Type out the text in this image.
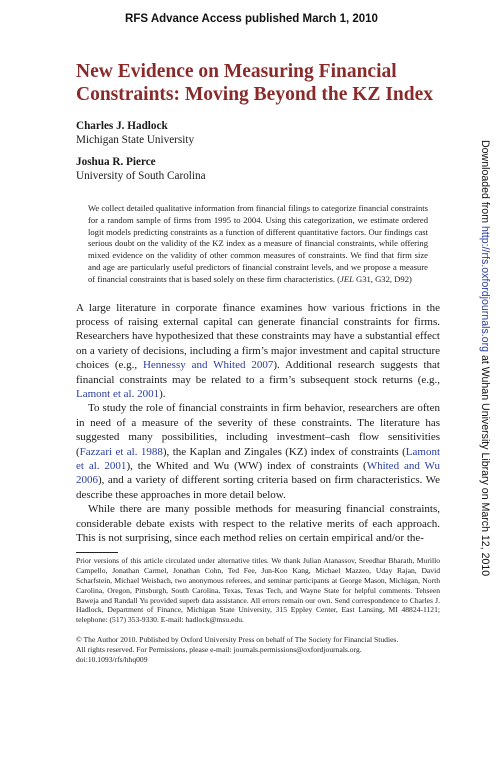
RFS Advance Access published March 1, 2010
Downloaded from http://rfs.oxfordjournals.org at Wuhan University Library on March 12, 2010
New Evidence on Measuring Financial Constraints: Moving Beyond the KZ Index
Charles J. Hadlock
Michigan State University
Joshua R. Pierce
University of South Carolina
We collect detailed qualitative information from financial filings to categorize financial constraints for a random sample of firms from 1995 to 2004. Using this categorization, we estimate ordered logit models predicting constraints as a function of different quantitative factors. Our findings cast serious doubt on the validity of the KZ index as a measure of financial constraints, while offering mixed evidence on the validity of other common measures of constraints. We find that firm size and age are particularly useful predictors of financial constraint levels, and we propose a measure of financial constraints that is based solely on these firm characteristics. (JEL G31, G32, D92)

A large literature in corporate finance examines how various frictions in the process of raising external capital can generate financial constraints for firms. Researchers have hypothesized that these constraints may have a substantial effect on a variety of decisions, including a firm’s major investment and capital structure choices (e.g., Hennessy and Whited 2007). Additional research suggests that financial constraints may be related to a firm’s subsequent stock returns (e.g., Lamont et al. 2001).

To study the role of financial constraints in firm behavior, researchers are often in need of a measure of the severity of these constraints. The literature has suggested many possibilities, including investment–cash flow sensitivities (Fazzari et al. 1988), the Kaplan and Zingales (KZ) index of constraints (Lamont et al. 2001), the Whited and Wu (WW) index of constraints (Whited and Wu 2006), and a variety of different sorting criteria based on firm characteristics. We describe these approaches in more detail below.

While there are many possible methods for measuring financial constraints, considerable debate exists with respect to the relative merits of each approach. This is not surprising, since each method relies on certain empirical and/or the-

Prior versions of this article circulated under alternative titles. We thank Julian Atanassov, Sreedhar Bharath, Murillo Campello, Jonathan Carmel, Jonathan Cohn, Ted Fee, Jun-Koo Kang, Michael Mazzeo, Uday Rajan, David Scharfstein, Michael Weisbach, two anonymous referees, and seminar participants at George Mason, Michigan, North Carolina, Oregon, Pittsburgh, South Carolina, Texas, Texas Tech, and Wayne State for helpful comments. Tehseen Baweja and Randall Yu provided superb data assistance. All errors remain our own. Send correspondence to Charles J. Hadlock, Department of Finance, Michigan State University, 315 Eppley Center, East Lansing, MI 48824-1121; telephone: (517) 353-9330. E-mail: hadlock@msu.edu.
© The Author 2010. Published by Oxford University Press on behalf of The Society for Financial Studies.
All rights reserved. For Permissions, please e-mail: journals.permissions@oxfordjournals.org.
doi:10.1093/rfs/hhq009
